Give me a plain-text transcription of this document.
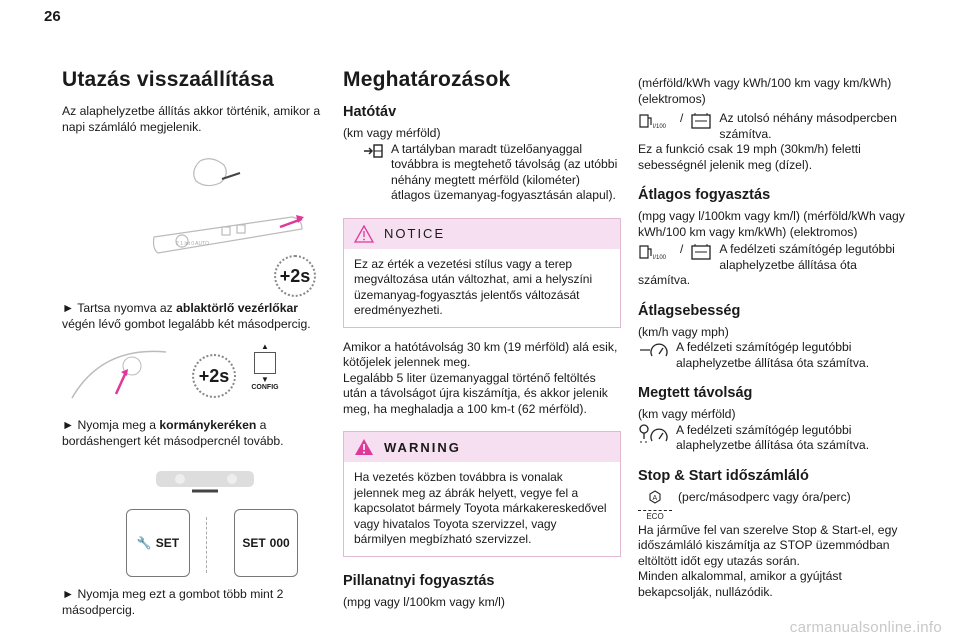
26
Utazás visszaállítása

Az alaphelyzetbe állítás akkor történik, amikor a napi számláló megjelenik.

2 1 Int 0 AUTO
+2s

► Tartsa nyomva az ablaktörlő vezérlőkar végén lévő gombot legalább két másodpercig.

+2s
▲
▼
CONFIG

► Nyomja meg a kormánykeréken a bordáshengert két másodpercnél tovább.

🔧 SET	SET 000

► Nyomja meg ezt a gombot több mint 2 másodpercig.

Meghatározások
Hatótáv

(km vagy mérföld)

A tartályban maradt tüzelőanyaggal továbbra is megtehető távolság (az utóbbi néhány megtett mérföld (kilométer) átlagos üzemanyag-fogyasztásán alapul).
NOTICE
Ez az érték a vezetési stílus vagy a terep megváltozása után változhat, ami a helyszíni üzemanyag-fogyasztás jelentős változását eredményezheti.

Amikor a hatótávolság 30 km (19 mérföld) alá esik, kötőjelek jelennek meg.
Legalább 5 liter üzemanyaggal történő feltöltés után a távolságot újra kiszámítja, és akkor jelenik meg, ha meghaladja a 100 km-t (62 mérföld).

WARNING
Ha vezetés közben továbbra is vonalak jelennek meg az ábrák helyett, vegye fel a kapcsolatot bármely Toyota márkakereskedővel vagy hivatalos Toyota szervizzel, vagy bármilyen megbízható szervizzel.
Pillanatnyi fogyasztás

(mpg vagy l/100km vagy km/l)

(mérföld/kWh vagy kWh/100 km vagy km/kWh) (elektromos)

l/100
/	Az utolsó néhány másodpercben számítva.

Ez a funkció csak 19 mph (30km/h) feletti sebességnél jelenik meg (dízel).

Átlagos fogyasztás

(mpg vagy l/100km vagy km/l) (mérföld/kWh vagy kWh/100 km vagy km/kWh) (elektromos)

l/100
/	A fedélzeti számítógép legutóbbi alaphelyzetbe állítása óta

számítva.

Átlagsebesség

(km/h vagy mph)

A fedélzeti számítógép legutóbbi alaphelyzetbe állítása óta számítva.
Megtett távolság

(km vagy mérföld)

A fedélzeti számítógép legutóbbi alaphelyzetbe állítása óta számítva.
Stop & Start időszámláló
A
ECO
(perc/másodperc vagy óra/perc)

Ha járműve fel van szerelve Stop & Start-el, egy időszámláló kiszámítja az STOP üzemmódban eltöltött időt egy utazás során.
Minden alkalommal, amikor a gyújtást bekapcsolják, nullázódik.

carmanualsonline.info
